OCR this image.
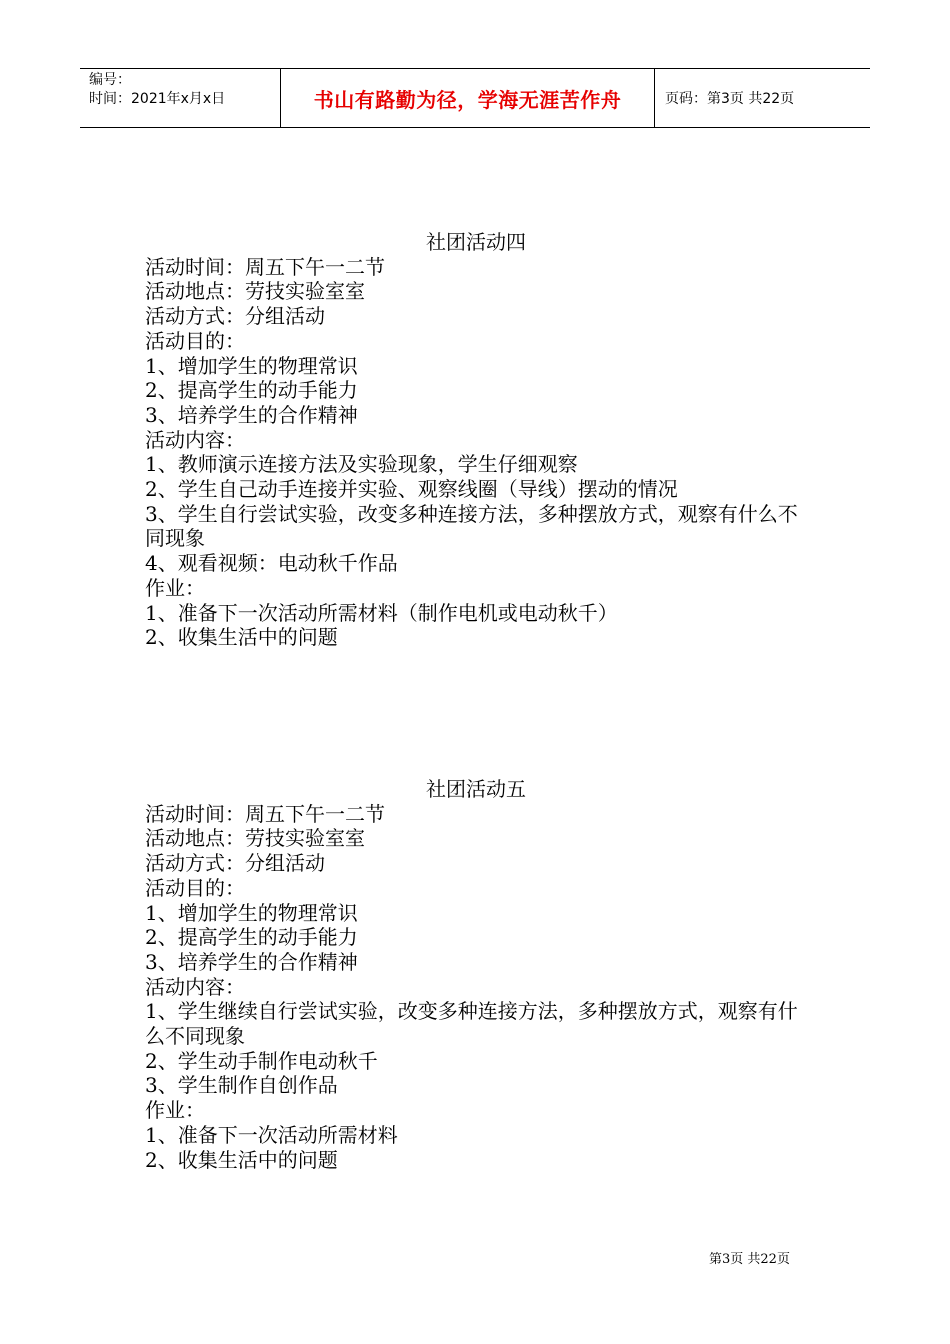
编号：
时间：2021年x月x日	书山有路勤为径，学海无涯苦作舟	页码：第3页 共22页
社团活动四
活动时间：周五下午一二节
活动地点：劳技实验室室
活动方式：分组活动
活动目的：
1、增加学生的物理常识
2、提高学生的动手能力
3、培养学生的合作精神
活动内容：
1、教师演示连接方法及实验现象，学生仔细观察
2、学生自己动手连接并实验、观察线圈（导线）摆动的情况
3、学生自行尝试实验，改变多种连接方法，多种摆放方式，观察有什么不同现象
4、观看视频：电动秋千作品
作业：
1、准备下一次活动所需材料（制作电机或电动秋千）
2、收集生活中的问题
社团活动五
活动时间：周五下午一二节
活动地点：劳技实验室室
活动方式：分组活动
活动目的：
1、增加学生的物理常识
2、提高学生的动手能力
3、培养学生的合作精神
活动内容：
1、学生继续自行尝试实验，改变多种连接方法，多种摆放方式，观察有什么不同现象
2、学生动手制作电动秋千
3、学生制作自创作品
作业：
1、准备下一次活动所需材料
2、收集生活中的问题
第3页 共22页
